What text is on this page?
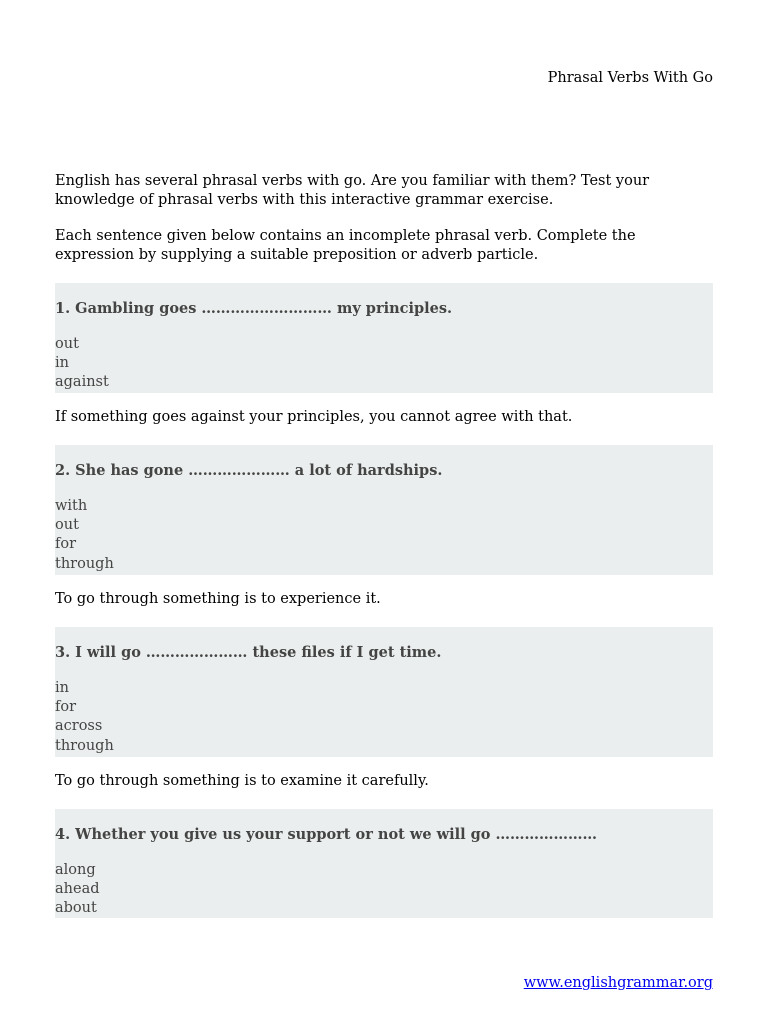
Phrasal Verbs With Go

English has several phrasal verbs with go. Are you familiar with them? Test your knowledge of phrasal verbs with this interactive grammar exercise.

Each sentence given below contains an incomplete phrasal verb. Complete the expression by supplying a suitable preposition or adverb particle.

1. Gambling goes ……………………… my principles.

out
in
against

If something goes against your principles, you cannot agree with that.

2. She has gone ………………… a lot of hardships.

with
out
for
through

To go through something is to experience it.

3. I will go ………………… these files if I get time.

in
for
across
through

To go through something is to examine it carefully.

4. Whether you give us your support or not we will go …………………

along
ahead
about
www.englishgrammar.org
